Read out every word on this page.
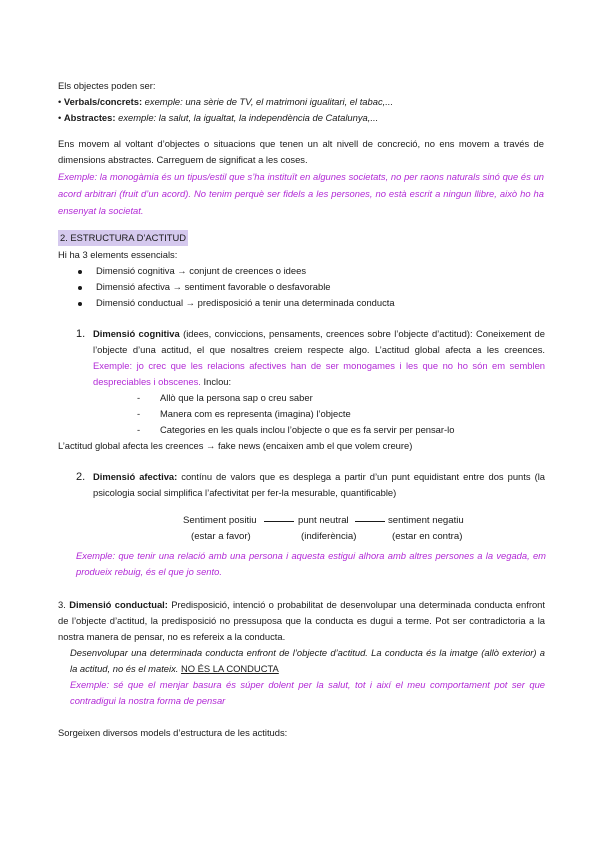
Els objectes poden ser:
• Verbals/concrets: exemple: una sèrie de TV, el matrimoni igualitari, el tabac,...
• Abstractes: exemple: la salut, la igualtat, la independència de Catalunya,...
Ens movem al voltant d’objectes o situacions que tenen un alt nivell de concreció, no ens movem a través de dimensions abstractes. Carreguem de significat a les coses.
Exemple: la monogàmia és un tipus/estil que s’ha instituït en algunes societats, no per raons naturals sinó que és un acord arbitrari (fruit d’un acord). No tenim perquè ser fidels a les persones, no està escrit a ningun llibre, això ho ha ensenyat la societat.
2. ESTRUCTURA D’ACTITUD
Hi ha 3 elements essencials:
Dimensió cognitiva → conjunt de creences o idees
Dimensió afectiva → sentiment favorable o desfavorable
Dimensió conductual → predisposició a tenir una determinada conducta
1. Dimensió cognitiva (idees, conviccions, pensaments, creences sobre l’objecte d’actitud): Coneixement de l’objecte d’una actitud, el que nosaltres creiem respecte algo. L’actitud global afecta a les creences. Exemple: jo crec que les relacions afectives han de ser monogames i les que no ho són em semblen despreciables i obscenes. Inclou:
- Allò que la persona sap o creu saber
- Manera com es representa (imagina) l’objecte
- Categories en les quals inclou l’objecte o que es fa servir per pensar-lo
L’actitud global afecta les creences → fake news (encaixen amb el que volem creure)
2. Dimensió afectiva: contínu de valors que es desplega a partir d’un punt equidistant entre dos punts (la psicologia social simplifica l’afectivitat per fer-la mesurable, quantificable)
Sentiment positiu	punt neutral	sentiment negatiu
(estar a favor)	(indiferència)	(estar en contra)
Exemple: que tenir una relació amb una persona i aquesta estigui alhora amb altres persones a la vegada, em produeix rebuig, és el que jo sento.
3. Dimensió conductual: Predisposició, intenció o probabilitat de desenvolupar una determinada conducta enfront de l’objecte d’actitud, la predisposició no pressuposa que la conducta es dugui a terme. Pot ser contradictoria a la nostra manera de pensar, no es refereix a la conducta.
Desenvolupar una determinada conducta enfront de l’objecte d’actitud. La conducta és la imatge (allò exterior) a la actitud, no és el mateix. NO ÉS LA CONDUCTA
Exemple: sé que el menjar basura és súper dolent per la salut, tot i així el meu comportament pot ser que contradigui la nostra forma de pensar
Sorgeixen diversos models d’estructura de les actituds:
